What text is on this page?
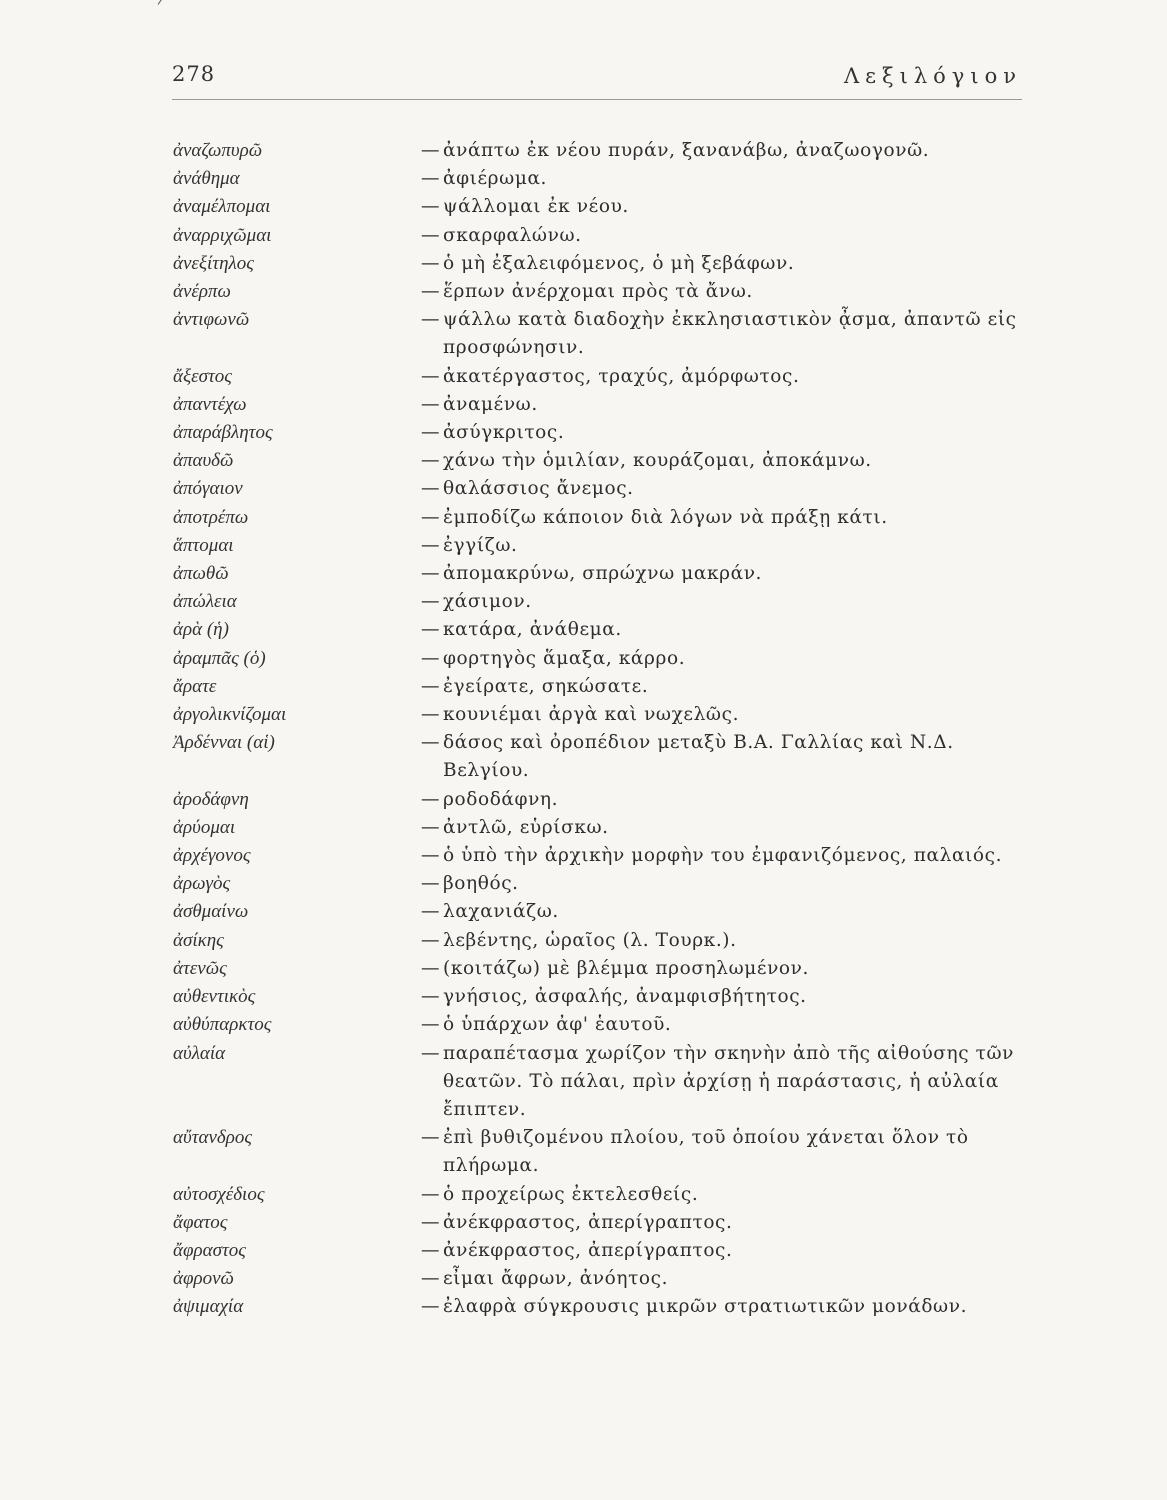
278	Λεξιλόγιον
ἀναζωπυρῶ	— ἀνάπτω ἐκ νέου πυράν, ξανανάβω, ἀναζωογονῶ.
ἀνάθημα	— ἀφιέρωμα.
ἀναμέλπομαι	— ψάλλομαι ἐκ νέου.
ἀναρριχῶμαι	— σκαρφαλώνω.
ἀνεξίτηλος	— ὁ μὴ ἐξαλειφόμενος, ὁ μὴ ξεβάφων.
ἀνέρπω	— ἕρπων ἀνέρχομαι πρὸς τὰ ἄνω.
ἀντιφωνῶ	— ψάλλω κατὰ διαδοχὴν ἐκκλησιαστικὸν ᾆσμα, ἀπαντῶ εἰς προσφώνησιν.
ἄξεστος	— ἀκατέργαστος, τραχύς, ἀμόρφωτος.
ἀπαντέχω	— ἀναμένω.
ἀπαράβλητος	— ἀσύγκριτος.
ἀπαυδῶ	— χάνω τὴν ὁμιλίαν, κουράζομαι, ἀποκάμνω.
ἀπόγαιον	— θαλάσσιος ἄνεμος.
ἀποτρέπω	— ἐμποδίζω κάποιον διὰ λόγων νὰ πράξῃ κάτι.
ἅπτομαι	— ἐγγίζω.
ἀπωθῶ	— ἀπομακρύνω, σπρώχνω μακράν.
ἀπώλεια	— χάσιμον.
ἀρὰ (ἡ)	— κατάρα, ἀνάθεμα.
ἀραμπᾶς (ὁ)	— φορτηγὸς ἅμαξα, κάρρο.
ἄρατε	— ἐγείρατε, σηκώσατε.
ἀργολικνίζομαι	— κουνιέμαι ἀργὰ καὶ νωχελῶς.
Ἀρδένναι (αἱ)	— δάσος καὶ ὀροπέδιον μεταξὺ Β.Α. Γαλλίας καὶ Ν.Δ. Βελγίου.
ἀροδάφνη	— ροδοδάφνη.
ἀρύομαι	— ἀντλῶ, εὑρίσκω.
ἀρχέγονος	— ὁ ὑπὸ τὴν ἀρχικὴν μορφὴν του ἐμφανιζόμενος, παλαιός.
ἀρωγὸς	— βοηθός.
ἀσθμαίνω	— λαχανιάζω.
ἀσίκης	— λεβέντης, ὡραῖος (λ. Τουρκ.).
ἀτενῶς	— (κοιτάζω) μὲ βλέμμα προσηλωμένον.
αὐθεντικὸς	— γνήσιος, ἀσφαλής, ἀναμφισβήτητος.
αὐθύπαρκτος	— ὁ ὑπάρχων ἀφ' ἑαυτοῦ.
αὐλαία	— παραπέτασμα χωρίζον τὴν σκηνὴν ἀπὸ τῆς αἰθούσης τῶν θεατῶν. Τὸ πάλαι, πρὶν ἀρχίσῃ ἡ παράστασις, ἡ αὐλαία ἔπιπτεν.
αὔτανδρος	— ἐπὶ βυθιζομένου πλοίου, τοῦ ὁποίου χάνεται ὅλον τὸ πλήρωμα.
αὐτοσχέδιος	— ὁ προχείρως ἐκτελεσθείς.
ἄφατος	— ἀνέκφραστος, ἀπερίγραπτος.
ἄφραστος	— ἀνέκφραστος, ἀπερίγραπτος.
ἀφρονῶ	— εἶμαι ἄφρων, ἀνόητος.
ἀψιμαχία	— ἐλαφρὰ σύγκρουσις μικρῶν στρατιωτικῶν μονάδων.
